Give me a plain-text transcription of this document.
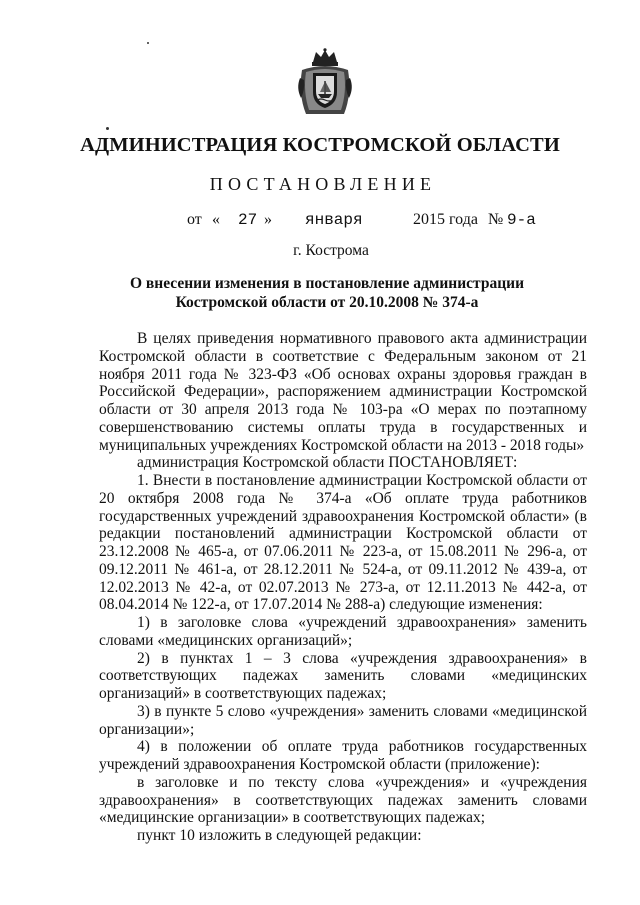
АДМИНИСТРАЦИЯ КОСТРОМСКОЙ ОБЛАСТИ
ПОСТАНОВЛЕНИЕ
от « 27 » января	2015 года № 9-а
г. Кострома
О внесении изменения в постановление администрации
Костромской области от 20.10.2008 № 374-а

В целях приведения нормативного правового акта администрации Костромской области в соответствие с Федеральным законом от 21 ноября 2011 года № 323-ФЗ «Об основах охраны здоровья граждан в Российской Федерации», распоряжением администрации Костромской области от 30 апреля 2013 года № 103-ра «О мерах по поэтапному совершенствованию системы оплаты труда в государственных и муниципальных учреждениях Костромской области на 2013 - 2018 годы»

администрация Костромской области ПОСТАНОВЛЯЕТ:

1. Внести в постановление администрации Костромской области от 20 октября 2008 года № 374-а «Об оплате труда работников государственных учреждений здравоохранения Костромской области» (в редакции постановлений администрации Костромской области от 23.12.2008 № 465-а, от 07.06.2011 № 223-а, от 15.08.2011 № 296-а, от 09.12.2011 № 461-а, от 28.12.2011 № 524-а, от 09.11.2012 № 439-а, от 12.02.2013 № 42-а, от 02.07.2013 № 273-а, от 12.11.2013 № 442-а, от 08.04.2014 № 122-а, от 17.07.2014 № 288-а) следующие изменения:

1) в заголовке слова «учреждений здравоохранения» заменить словами «медицинских организаций»;

2) в пунктах 1 – 3 слова «учреждения здравоохранения» в соответствующих падежах заменить словами «медицинских организаций» в соответствующих падежах;

3) в пункте 5 слово «учреждения» заменить словами «медицинской организации»;

4) в положении об оплате труда работников государственных учреждений здравоохранения Костромской области (приложение):

в заголовке и по тексту слова «учреждения» и «учреждения здравоохранения» в соответствующих падежах заменить словами «медицинские организации» в соответствующих падежах;

пункт 10 изложить в следующей редакции:
